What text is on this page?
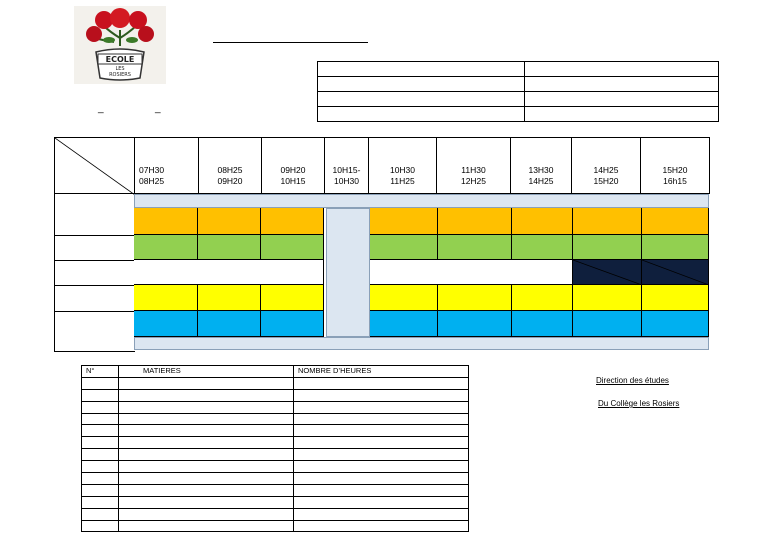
ECOLE
LES
ROSIERS
_	_

07H30
08H25

08H25
09H20

09H20
10H15

10H15-
10H30

10H30
11H25

11H30
12H25

13H30
14H25

14H25
15H20

15H20
16h15
N°	MATIERES	NOMBRE D’HEURES

Direction des études
Du Collège les Rosiers
